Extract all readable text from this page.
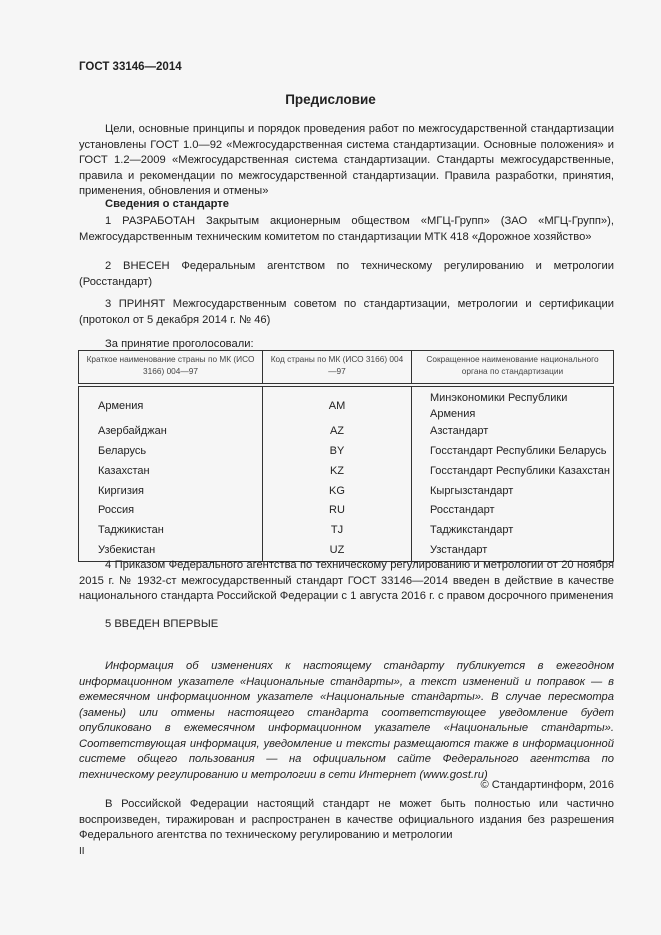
ГОСТ 33146—2014
Предисловие

Цели, основные принципы и порядок проведения работ по межгосударственной стандартизации установлены ГОСТ 1.0—92 «Межгосударственная система стандартизации. Основные положения» и ГОСТ 1.2—2009 «Межгосударственная система стандартизации. Стандарты межгосударственные, правила и рекомендации по межгосударственной стандартизации. Правила разработки, принятия, применения, обновления и отмены»

Сведения о стандарте

1 РАЗРАБОТАН Закрытым акционерным обществом «МГЦ-Групп» (ЗАО «МГЦ-Групп»), Межгосударственным техническим комитетом по стандартизации МТК 418 «Дорожное хозяйство»

2 ВНЕСЕН Федеральным агентством по техническому регулированию и метрологии (Росстандарт)

3 ПРИНЯТ Межгосударственным советом по стандартизации, метрологии и сертификации (протокол от 5 декабря 2014 г. № 46)

За принятие проголосовали:
Краткое наименование страны по МК (ИСО 3166) 004—97	Код страны по МК (ИСО 3166) 004—97	Сокращенное наименование национального органа по стандартизации
Армения	AM	Минэкономики Республики Армения
Азербайджан	AZ	Азстандарт
Беларусь	BY	Госстандарт Республики Беларусь
Казахстан	KZ	Госстандарт Республики Казахстан
Киргизия	KG	Кыргызстандарт
Россия	RU	Росстандарт
Таджикистан	TJ	Таджикстандарт
Узбекистан	UZ	Узстандарт

4 Приказом Федерального агентства по техническому регулированию и метрологии от 20 ноября 2015 г. № 1932-ст межгосударственный стандарт ГОСТ 33146—2014 введен в действие в качестве национального стандарта Российской Федерации с 1 августа 2016 г. с правом досрочного применения

5 ВВЕДЕН ВПЕРВЫЕ

Информация об изменениях к настоящему стандарту публикуется в ежегодном информационном указателе «Национальные стандарты», а текст изменений и поправок — в ежемесячном информационном указателе «Национальные стандарты». В случае пересмотра (замены) или отмены настоящего стандарта соответствующее уведомление будет опубликовано в ежемесячном информационном указателе «Национальные стандарты». Соответствующая информация, уведомление и тексты размещаются также в информационной системе общего пользования — на официальном сайте Федерального агентства по техническому регулированию и метрологии в сети Интернет (www.gost.ru)

© Стандартинформ, 2016

В Российской Федерации настоящий стандарт не может быть полностью или частично воспроизведен, тиражирован и распространен в качестве официального издания без разрешения Федерального агентства по техническому регулированию и метрологии

II
